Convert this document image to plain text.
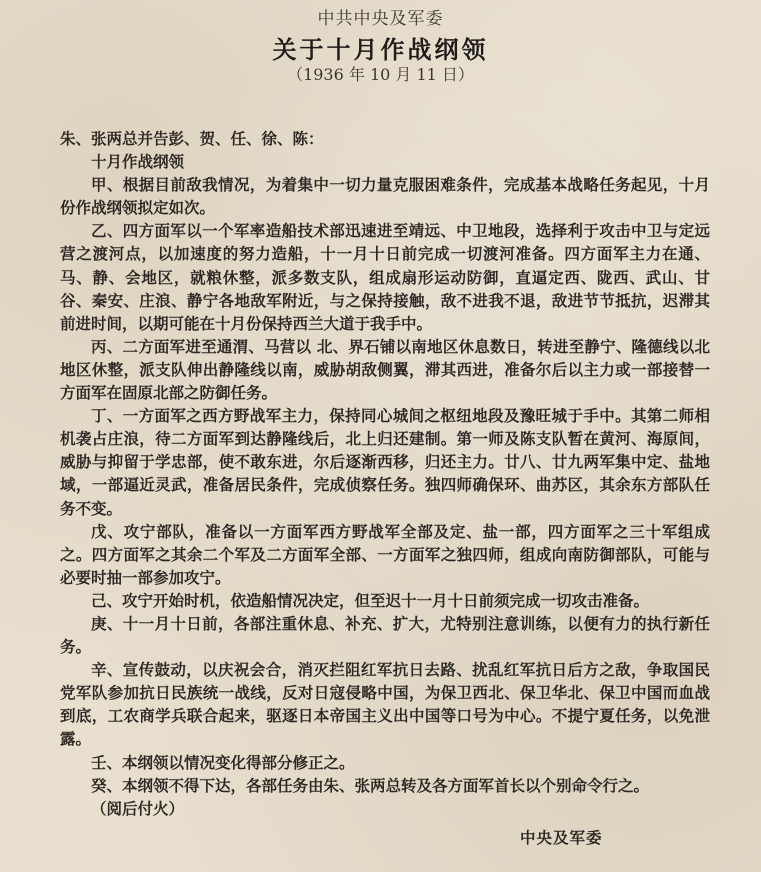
中共中央及军委
关于十月作战纲领
（1936 年 10 月 11 日）

朱、张两总并告彭、贺、任、徐、陈：

十月作战纲领

甲、根据目前敌我情况，为着集中一切力量克服困难条件，完成基本战略任务起见，十月份作战纲领拟定如次。

乙、四方面军以一个军率造船技术部迅速进至靖远、中卫地段，选择利于攻击中卫与定远营之渡河点，以加速度的努力造船，十一月十日前完成一切渡河准备。四方面军主力在通、马、静、会地区，就粮休整，派多数支队，组成扇形运动防御，直逼定西、陇西、武山、甘谷、秦安、庄浪、静宁各地敌军附近，与之保持接触，敌不进我不退，敌进节节抵抗，迟滞其前进时间，以期可能在十月份保持西兰大道于我手中。

丙、二方面军进至通渭、马营以 北、界石铺以南地区休息数日，转进至静宁、隆德线以北地区休整，派支队伸出静隆线以南，威胁胡敌侧翼，滞其西进，准备尔后以主力或一部接替一方面军在固原北部之防御任务。

丁、一方面军之西方野战军主力，保持同心城间之枢纽地段及豫旺城于手中。其第二师相机袭占庄浪，待二方面军到达静隆线后，北上归还建制。第一师及陈支队暂在黄河、海原间，威胁与抑留于学忠部，使不敢东进，尔后逐渐西移，归还主力。廿八、廿九两军集中定、盐地域，一部逼近灵武，准备居民条件，完成侦察任务。独四师确保环、曲苏区，其余东方部队任务不变。

戊、攻宁部队，准备以一方面军西方野战军全部及定、盐一部，四方面军之三十军组成之。四方面军之其余二个军及二方面军全部、一方面军之独四师，组成向南防御部队，可能与必要时抽一部参加攻宁。

己、攻宁开始时机，依造船情况决定，但至迟十一月十日前须完成一切攻击准备。

庚、十一月十日前，各部注重休息、补充、扩大，尤特别注意训练，以便有力的执行新任务。

辛、宣传鼓动，以庆祝会合，消灭拦阻红军抗日去路、扰乱红军抗日后方之敌，争取国民党军队参加抗日民族统一战线，反对日寇侵略中国，为保卫西北、保卫华北、保卫中国而血战到底，工农商学兵联合起来，驱逐日本帝国主义出中国等口号为中心。不提宁夏任务，以免泄露。

壬、本纲领以情况变化得部分修正之。

癸、本纲领不得下达，各部任务由朱、张两总转及各方面军首长以个别命令行之。

（阅后付火）

中央及军委
